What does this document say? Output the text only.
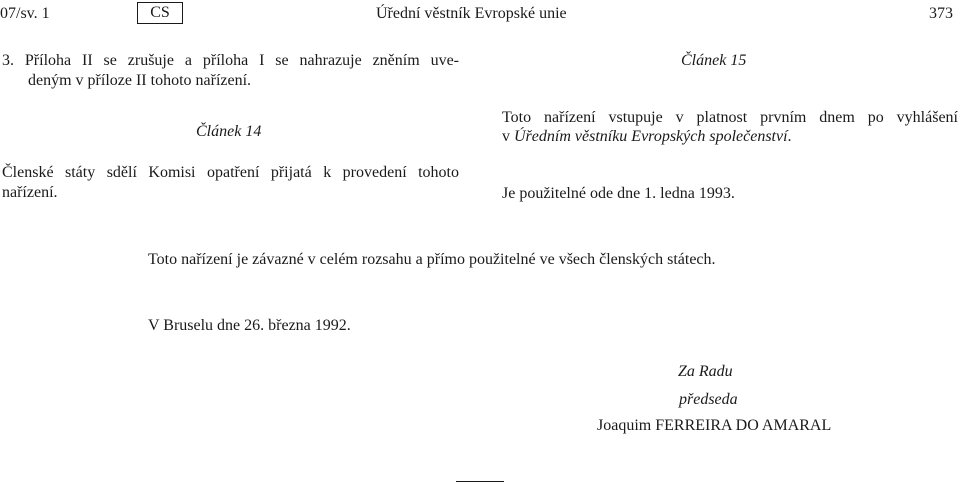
07/sv. 1	CS	Úřední věstník Evropské unie	373
3. Příloha II se zrušuje a příloha I se nahrazuje zněním uve-
deným v příloze II tohoto nařízení.
Článek 14
Členské státy sdělí Komisi opatření přijatá k provedení tohoto
nařízení.
Článek 15
Toto nařízení vstupuje v platnost prvním dnem po vyhlášení
v Úředním věstníku Evropských společenství.
Je použitelné ode dne 1. ledna 1993.
Toto nařízení je závazné v celém rozsahu a přímo použitelné ve všech členských státech.
V Bruselu dne 26. března 1992.
Za Radu
předseda
Joaquim FERREIRA DO AMARAL
